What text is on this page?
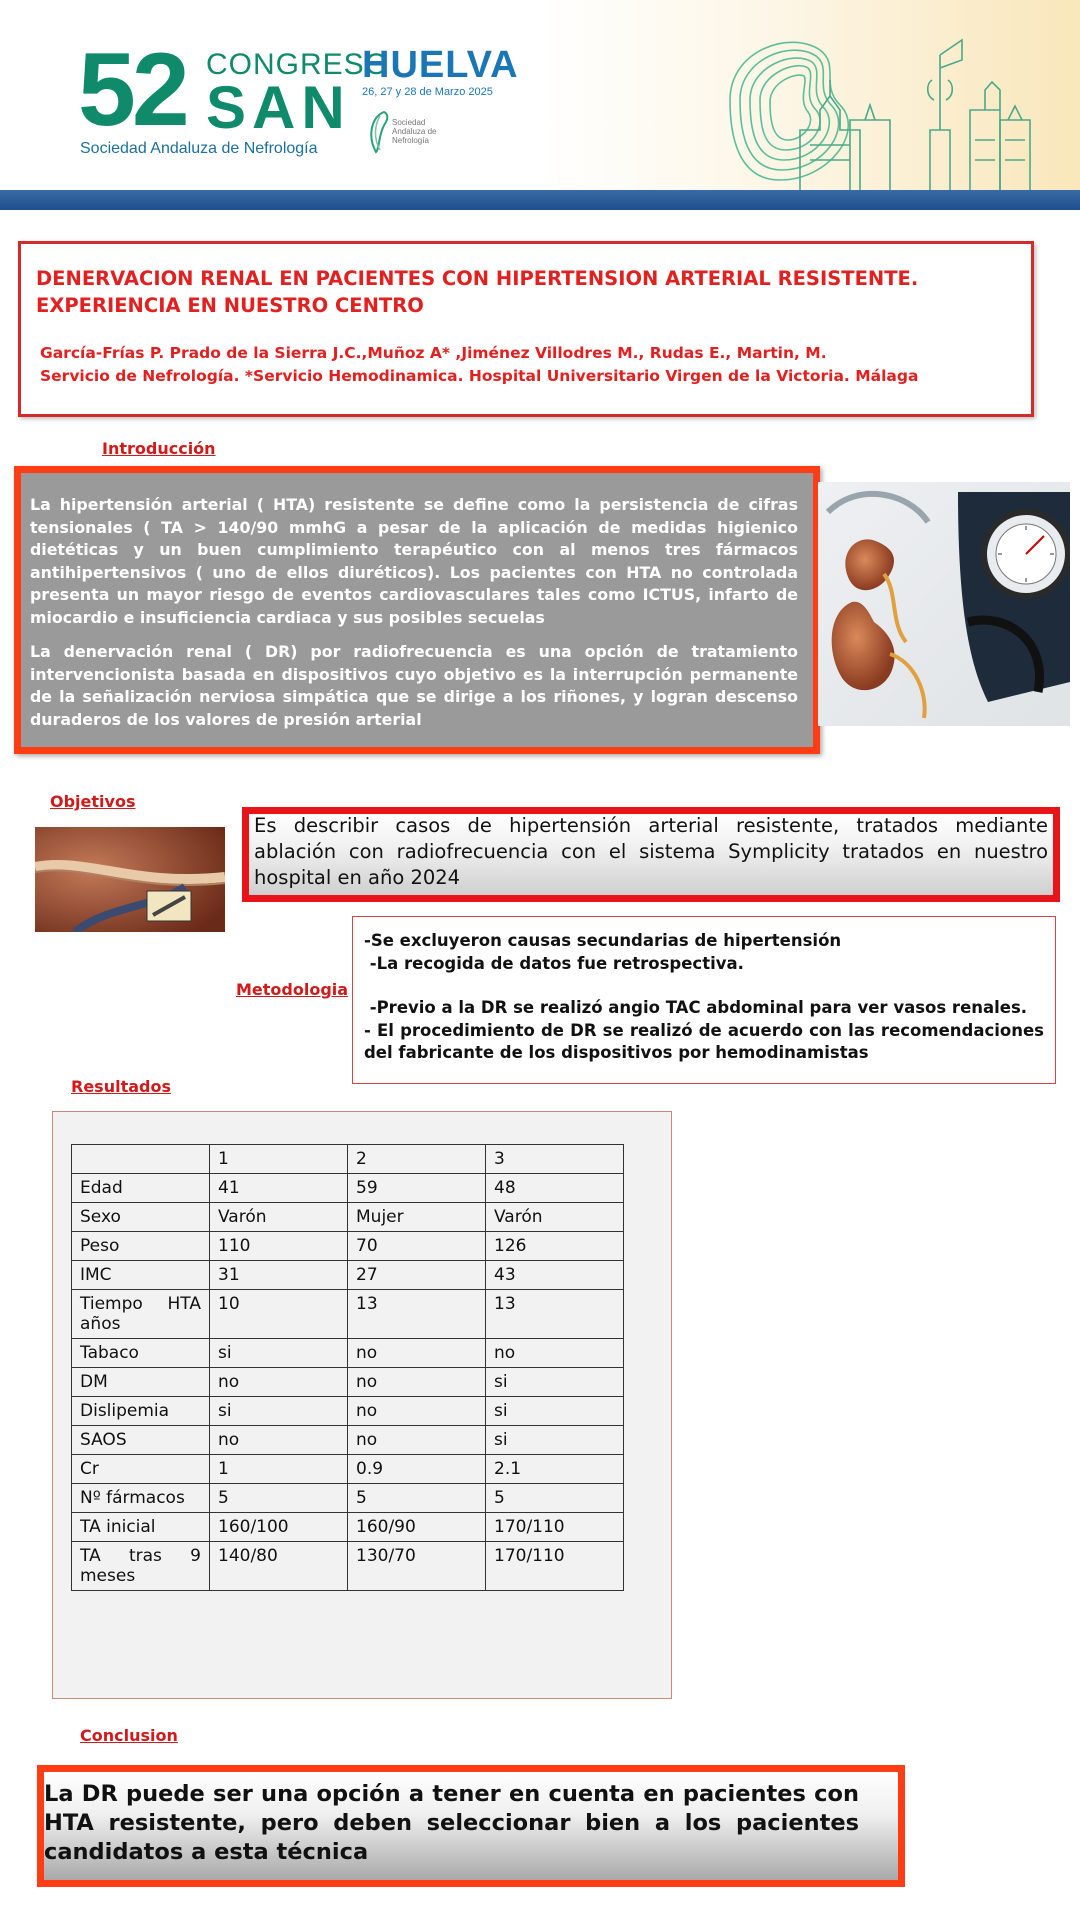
52 CONGRESO
SAN
Sociedad Andaluza de Nefrología
HUELVA
26, 27 y 28 de Marzo 2025
Sociedad
Andaluza de
Nefrología
DENERVACION RENAL EN PACIENTES CON HIPERTENSION ARTERIAL RESISTENTE.
EXPERIENCIA EN NUESTRO CENTRO
García-Frías P. Prado de la Sierra J.C.,Muñoz A* ,Jiménez Villodres M., Rudas E., Martin, M.
Servicio de Nefrología. *Servicio Hemodinamica. Hospital Universitario Virgen de la Victoria. Málaga
Introducción

La hipertensión arterial ( HTA) resistente se define como la persistencia de cifras tensionales ( TA > 140/90 mmhG a pesar de la aplicación de medidas higienico dietéticas y un buen cumplimiento terapéutico con al menos tres fármacos antihipertensivos ( uno de ellos diuréticos). Los pacientes con HTA no controlada presenta un mayor riesgo de eventos cardiovasculares tales como ICTUS, infarto de miocardio e insuficiencia cardiaca y sus posibles secuelas

La denervación renal ( DR) por radiofrecuencia es una opción de tratamiento intervencionista basada en dispositivos cuyo objetivo es la interrupción permanente de la señalización nerviosa simpática que se dirige a los riñones, y logran descenso duraderos de los valores de presión arterial

Objetivos
Es describir casos de hipertensión arterial resistente, tratados mediante ablación con radiofrecuencia con el sistema Symplicity tratados en nuestro hospital en año 2024
Metodologia

-Se excluyeron causas secundarias de hipertensión

-La recogida de datos fue retrospectiva.

-Previo a la DR se realizó angio TAC abdominal para ver vasos renales.

- El procedimiento de DR se realizó de acuerdo con las recomendaciones del fabricante de los dispositivos por hemodinamistas

Resultados
	1	2	3
Edad	41	59	48
Sexo	Varón	Mujer	Varón
Peso	110	70	126
IMC	31	27	43
Tiempo HTA años	10	13	13
Tabaco	si	no	no
DM	no	no	si
Dislipemia	si	no	si
SAOS	no	no	si
Cr	1	0.9	2.1
Nº fármacos	5	5	5
TA inicial	160/100	160/90	170/110
TA tras 9 meses	140/80	130/70	170/110
Conclusion
La DR puede ser una opción a tener en cuenta en pacientes con HTA resistente, pero deben seleccionar bien a los pacientes candidatos a esta técnica
